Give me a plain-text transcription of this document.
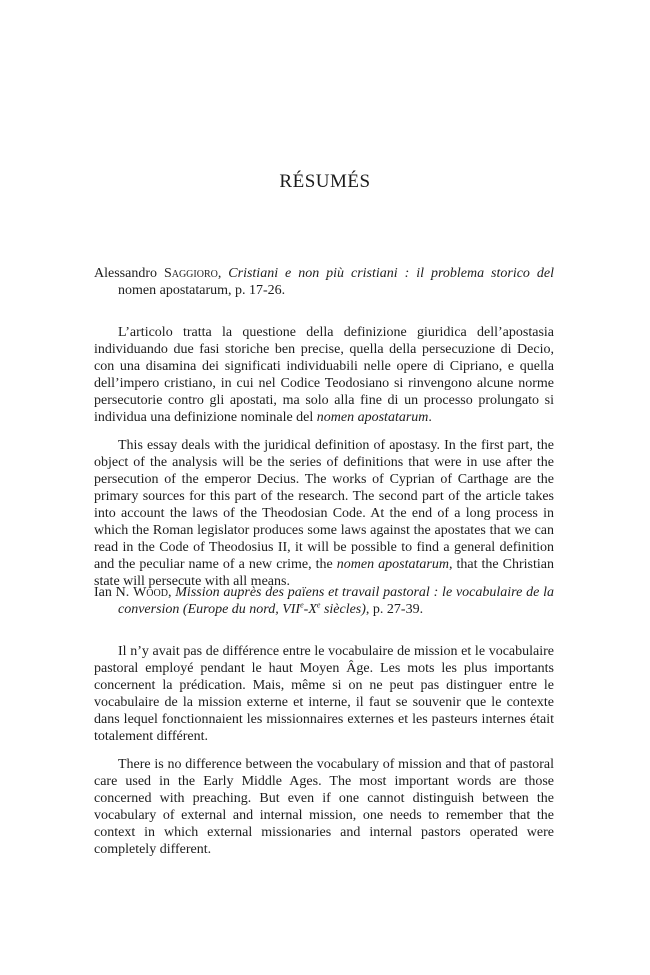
RÉSUMÉS

Alessandro Saggioro, Cristiani e non più cristiani : il problema storico del nomen apostatarum, p. 17-26.

L’articolo tratta la questione della definizione giuridica dell’apostasia individuando due fasi storiche ben precise, quella della persecuzione di Decio, con una disamina dei significati individuabili nelle opere di Cipriano, e quella dell’impero cristiano, in cui nel Codice Teodosiano si rinvengono alcune norme persecutorie contro gli apostati, ma solo alla fine di un processo prolungato si individua una definizione nominale del nomen apostatarum.

This essay deals with the juridical definition of apostasy. In the first part, the object of the analysis will be the series of definitions that were in use after the persecution of the emperor Decius. The works of Cyprian of Carthage are the primary sources for this part of the research. The second part of the article takes into account the laws of the Theodosian Code. At the end of a long process in which the Roman legislator produces some laws against the apostates that we can read in the Code of Theodosius II, it will be possible to find a general definition and the peculiar name of a new crime, the nomen apostatarum, that the Christian state will persecute with all means.

Ian N. Wood, Mission auprès des païens et travail pastoral : le vocabulaire de la conversion (Europe du nord, VIIe-Xe siècles), p. 27-39.

Il n’y avait pas de différence entre le vocabulaire de mission et le vocabulaire pastoral employé pendant le haut Moyen Âge. Les mots les plus importants concernent la prédication. Mais, même si on ne peut pas distinguer entre le vocabulaire de la mission externe et interne, il faut se souvenir que le contexte dans lequel fonctionnaient les missionnaires externes et les pasteurs internes était totalement différent.

There is no difference between the vocabulary of mission and that of pastoral care used in the Early Middle Ages. The most important words are those concerned with preaching. But even if one cannot distinguish between the vocabulary of external and internal mission, one needs to remember that the context in which external missionaries and internal pastors operated were completely different.
